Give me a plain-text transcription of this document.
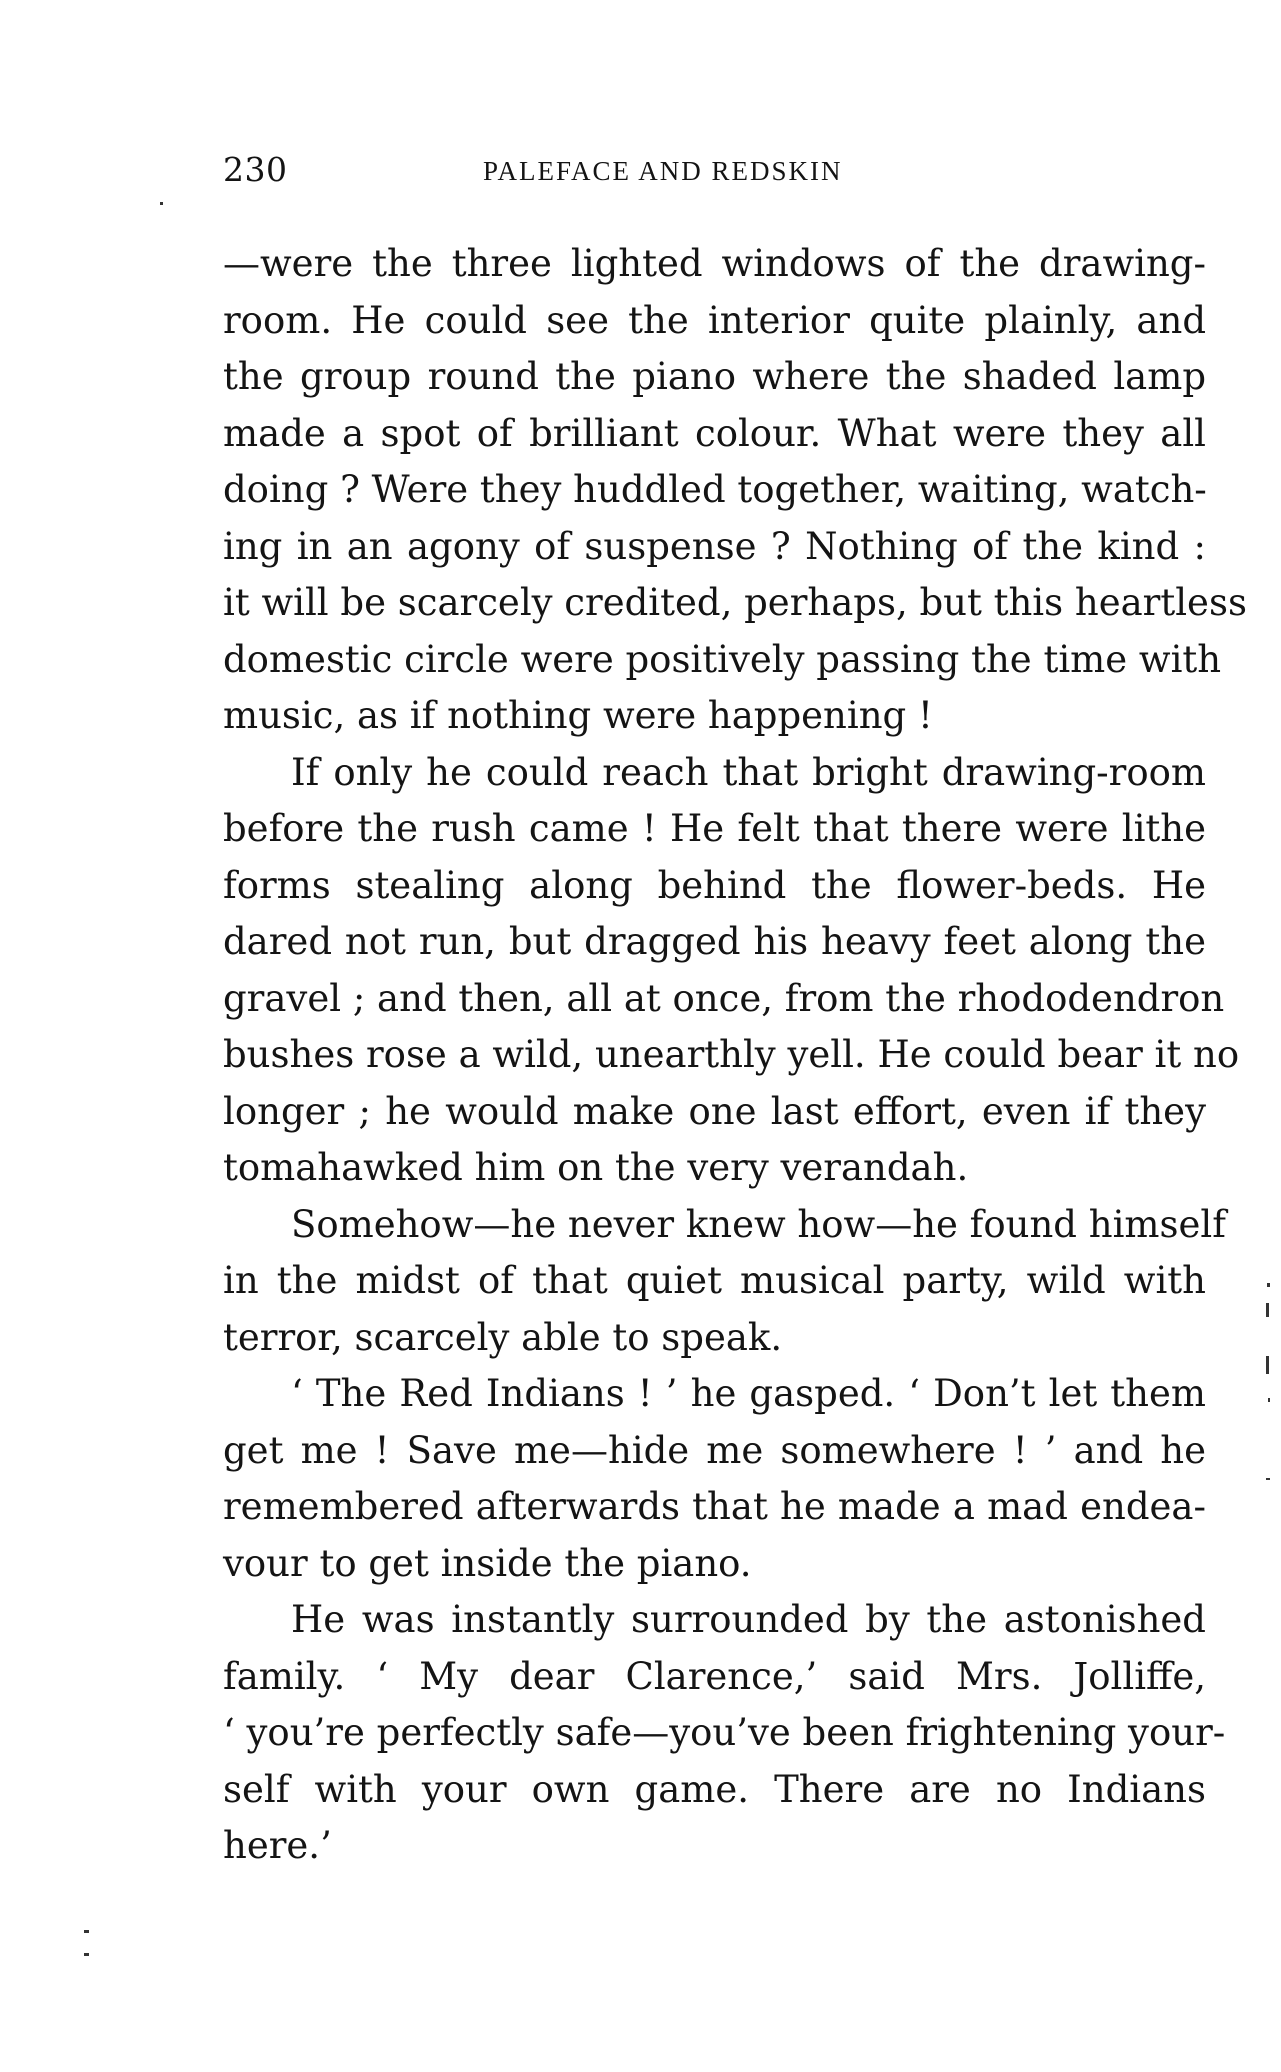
230	PALEFACE AND REDSKIN
—were the three lighted windows of the drawing-
room. He could see the interior quite plainly, and
the group round the piano where the shaded lamp
made a spot of brilliant colour. What were they all
doing ? Were they huddled together, waiting, watch-
ing in an agony of suspense ? Nothing of the kind :
it will be scarcely credited, perhaps, but this heartless
domestic circle were positively passing the time with
music, as if nothing were happening !
If only he could reach that bright drawing-room
before the rush came ! He felt that there were lithe
forms stealing along behind the flower-beds. He
dared not run, but dragged his heavy feet along the
gravel ; and then, all at once, from the rhododendron
bushes rose a wild, unearthly yell. He could bear it no
longer ; he would make one last effort, even if they
tomahawked him on the very verandah.
Somehow—he never knew how—he found himself
in the midst of that quiet musical party, wild with
terror, scarcely able to speak.
‘ The Red Indians ! ’ he gasped. ‘ Don’t let them
get me ! Save me—hide me somewhere ! ’ and he
remembered afterwards that he made a mad endea-
vour to get inside the piano.
He was instantly surrounded by the astonished
family. ‘ My dear Clarence,’ said Mrs. Jolliffe,
‘ you’re perfectly safe—you’ve been frightening your-
self with your own game. There are no Indians
here.’
